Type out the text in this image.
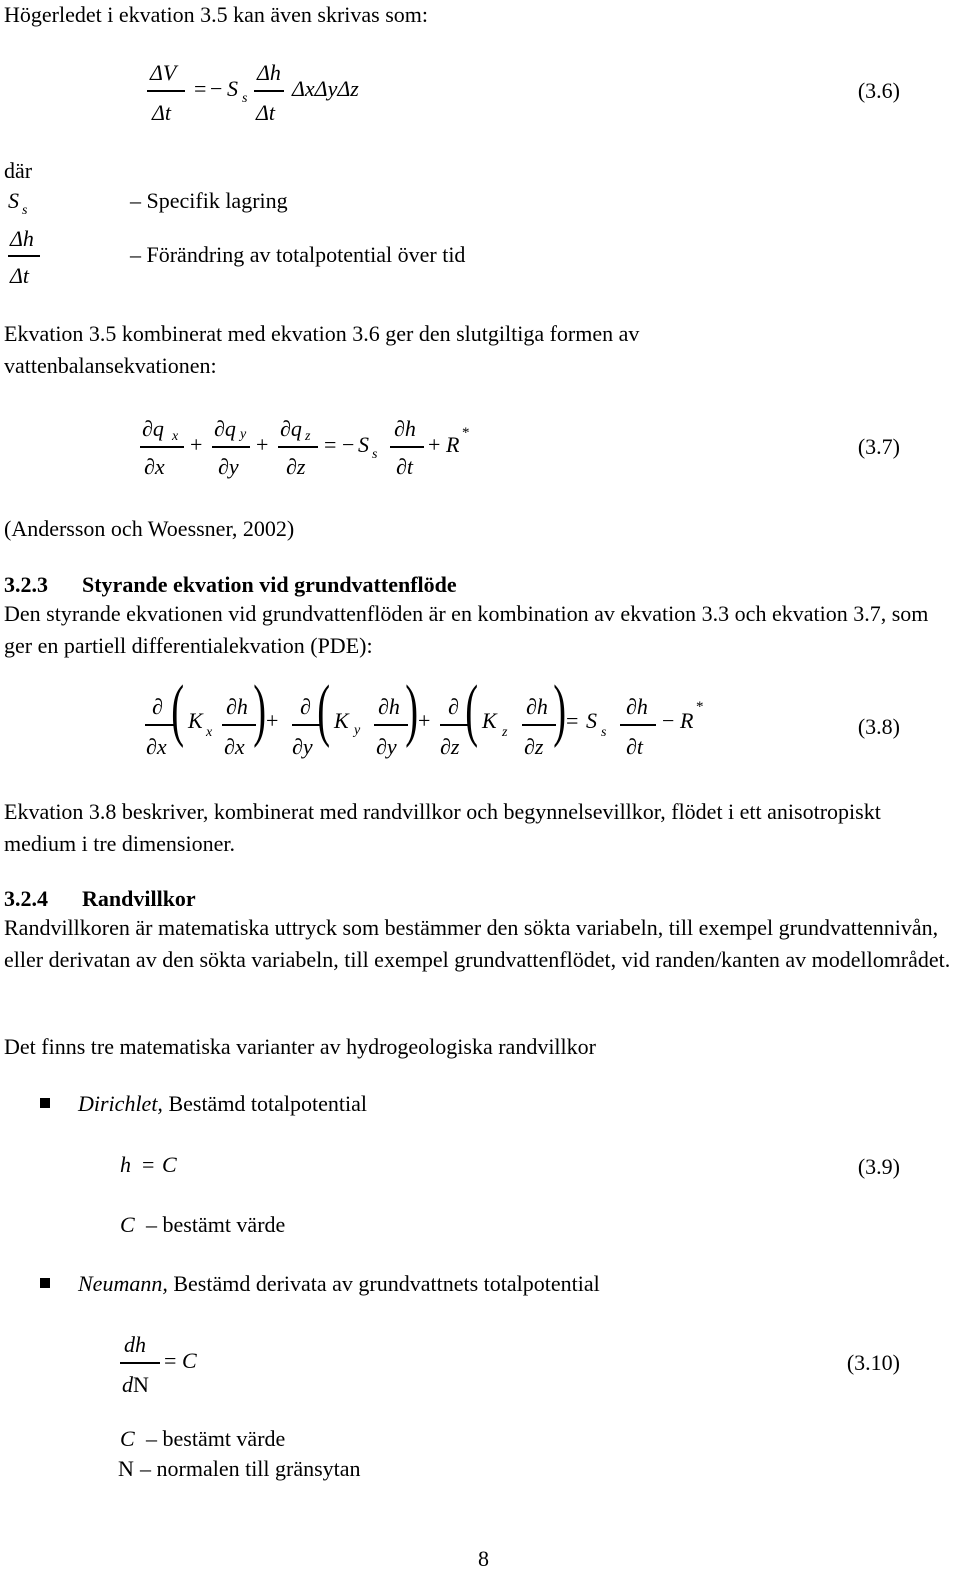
Högerledet i ekvation 3.5 kan även skrivas som:
ΔV
Δt
= − S s
Δh
Δt
ΔxΔyΔz	(3.6)
där
S s	– Specifik lagring
Δh
Δt
– Förändring av totalpotential över tid
Ekvation 3.5 kombinerat med ekvation 3.6 ger den slutgiltiga formen av vattenbalansekvationen:
∂q x
∂x
+
∂q y
∂y
+
∂q z
∂z
= − S s
∂h
∂t
+ R *
(3.7)
(Andersson och Woessner, 2002)
3.2.3 Styrande ekvation vid grundvattenflöde
Den styrande ekvationen vid grundvattenflöden är en kombination av ekvation 3.3 och ekvation 3.7, som ger en partiell differentialekvation (PDE):
∂
∂x ( K x
∂h
∂x ) +
∂
∂y ( K y
∂h
∂y ) +
∂
∂z ( K z
∂h
∂z ) = S s
∂h
∂t
− R
*
(3.8)
Ekvation 3.8 beskriver, kombinerat med randvillkor och begynnelsevillkor, flödet i ett anisotropiskt medium i tre dimensioner.
3.2.4 Randvillkor
Randvillkoren är matematiska uttryck som bestämmer den sökta variabeln, till exempel grundvattennivån, eller derivatan av den sökta variabeln, till exempel grundvattenflödet, vid randen/kanten av modellområdet.
Det finns tre matematiska varianter av hydrogeologiska randvillkor
Dirichlet, Bestämd totalpotential
h = C	(3.9)
C – bestämt värde
Neumann, Bestämd derivata av grundvattnets totalpotential
dh
dN
= C	(3.10)
C – bestämt värde
N – normalen till gränsytan
8
